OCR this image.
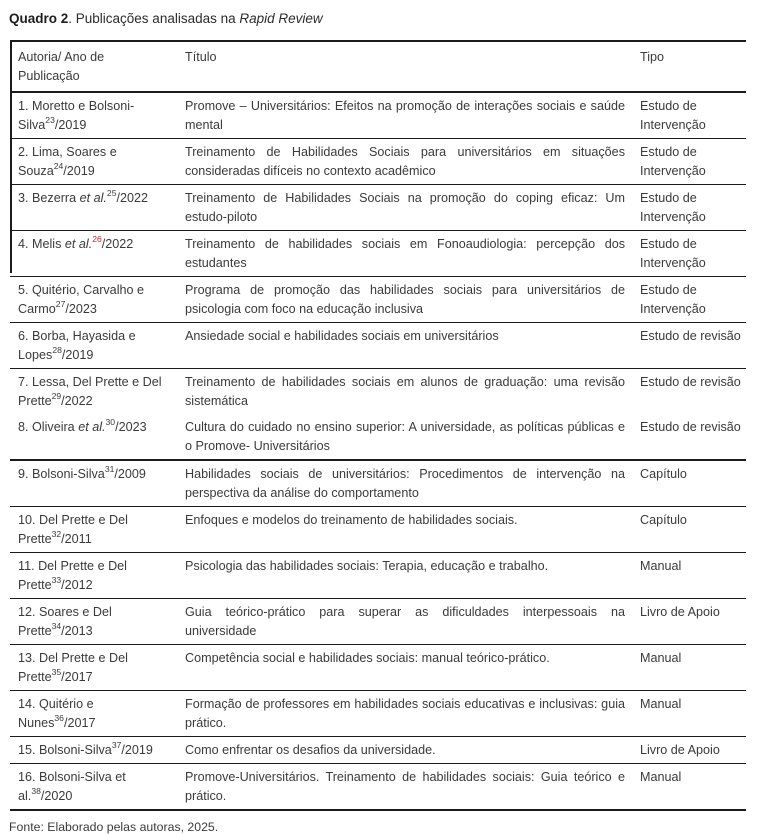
Quadro 2. Publicações analisadas na Rapid Review

Autoria/ Ano de Publicação	Título	Tipo
1. Moretto e Bolsoni-Silva$^{23}$/2019	Promove – Universitários: Efeitos na promoção de interações sociais e saúde mental	Estudo de Intervenção
2. Lima, Soares e Souza$^{24}$/2019	Treinamento de Habilidades Sociais para universitários em situações consideradas difíceis no contexto acadêmico	Estudo de Intervenção
3. Bezerra et al.$^{25}$/2022	Treinamento de Habilidades Sociais na promoção do coping eficaz: Um estudo-piloto	Estudo de Intervenção
4. Melis et al.$^{26}$/2022	Treinamento de habilidades sociais em Fonoaudiologia: percepção dos estudantes	Estudo de Intervenção
5. Quitério, Carvalho e Carmo$^{27}$/2023	Programa de promoção das habilidades sociais para universitários de psicologia com foco na educação inclusiva	Estudo de Intervenção
6. Borba, Hayasida e Lopes$^{28}$/2019	Ansiedade social e habilidades sociais em universitários	Estudo de revisão
7. Lessa, Del Prette e Del Prette$^{29}$/2022	Treinamento de habilidades sociais em alunos de graduação: uma revisão sistemática	Estudo de revisão
8. Oliveira et al.$^{30}$/2023	Cultura do cuidado no ensino superior: A universidade, as políticas públicas e o Promove- Universitários	Estudo de revisão
9. Bolsoni-Silva$^{31}$/2009	Habilidades sociais de universitários: Procedimentos de intervenção na perspectiva da análise do comportamento	Capítulo
10. Del Prette e Del Prette$^{32}$/2011	Enfoques e modelos do treinamento de habilidades sociais.	Capítulo
11. Del Prette e Del Prette$^{33}$/2012	Psicologia das habilidades sociais: Terapia, educação e trabalho.	Manual
12. Soares e Del Prette$^{34}$/2013	Guia teórico-prático para superar as dificuldades interpessoais na universidade	Livro de Apoio
13. Del Prette e Del Prette$^{35}$/2017	Competência social e habilidades sociais: manual teórico-prático.	Manual
14. Quitério e Nunes$^{36}$/2017	Formação de professores em habilidades sociais educativas e inclusivas: guia prático.	Manual
15. Bolsoni-Silva$^{37}$/2019	Como enfrentar os desafios da universidade.	Livro de Apoio
16. Bolsoni-Silva et al.$^{38}$/2020	Promove-Universitários. Treinamento de habilidades sociais: Guia teórico e prático.	Manual

Fonte: Elaborado pelas autoras, 2025.
